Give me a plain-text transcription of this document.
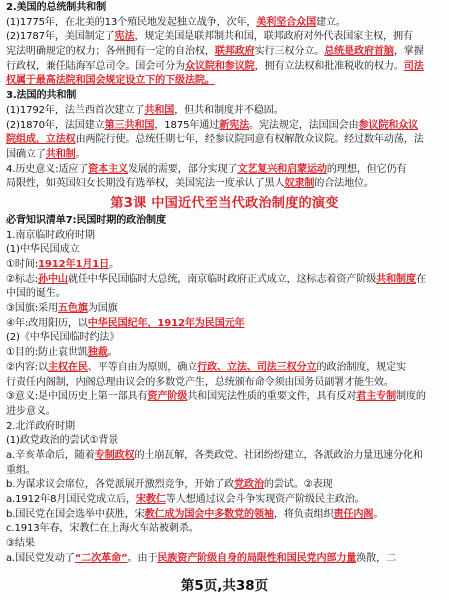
2.美国的总统制共和制
(1)1775年，在北美的13个殖民地发起独立战争，次年，美利坚合众国建立。
(2)1787年，美国制定了宪法，规定美国是联邦制共和国，联邦政府对外代表国家主权，拥有
宪法明确规定的权力；各州拥有一定的自治权，联邦政府实行三权分立。总统是政府首脑，掌握
行政权，兼任陆海军总司令。国会可分为众议院和参议院，拥有立法权和批准税收的权力。司法
权属于最高法院和国会规定设立下的下级法院。
3.法国的共和制
(1)1792年，法兰西首次建立了共和国，但共和制度并不稳固。
(2)1870年，法国建立第三共和国，1875年通过新宪法。宪法规定，法国国会由参议院和众议
院组成，立法权由两院行使。总统任期七年，经参议院同意有权解散众议院。经过数年动荡，法
国确立了共和制。
4.历史意义:适应了资本主义发展的需要，部分实现了文艺复兴和启蒙运动的理想，但它仍有
局限性，如英国妇女长期没有选举权，美国宪法一度承认了黑人奴隶制的合法地位。
第3课 中国近代至当代政治制度的演变
必背知识清单7:民国时期的政治制度
1.南京临时政府时期
(1)中华民国成立
①时间:1912年1月1日。
②标志:孙中山就任中华民国临时大总统，南京临时政府正式成立，这标志着资产阶级共和制度在
中国的诞生。
③国旗:采用五色旗为国旗
④年:改用阳历，以中华民国纪年，1912年为民国元年
(2)《中华民国临时约法》
①目的:防止袁世凯独裁。
②内容:以主权在民、平等自由为原则，确立行政、立法、司法三权分立的政治制度，规定实
行责任内阁制，内阁总理由议会的多数党产生，总统颁布命令须由国务员副署才能生效。
③意义:是中国历史上第一部具有资产阶级共和国宪法性质的重要文件，具有反对君主专制制度的
进步意义。
2.北洋政府时期
(1)政党政治的尝试①背景
a.辛亥革命后，随着专制政权的土崩瓦解，各类政党、社团纷纷建立，各派政治力量迅速分化和
重组。
b.为谋求议会席位，各党派展开激烈竞争，开始了政党政治的尝试。②表现
a.1912年8月国民党成立后，宋教仁等人想通过议会斗争实现资产阶级民主政治。
b.国民党在国会选举中获胜，宋教仁成为国会中多数党的领袖，将负责组织责任内阁。
c.1913年春，宋教仁在上海火车站被刺杀。
③结果
a.国民党发动了“二次革命”。由于民族资产阶级自身的局限性和国民党内部力量涣散，二
第5页,共38页
